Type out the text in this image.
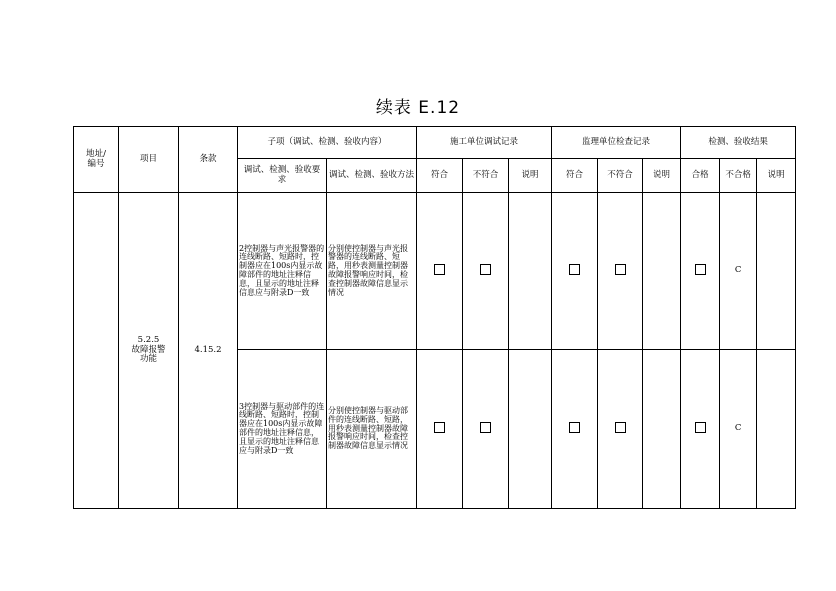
续表 E.12
地址/
编号	项目	条款	子项（调试、检测、验收内容）		施工单位调试记录			监理单位检查记录			检测、验收结果		
			调试、检测、验收要求	调试、检测、验收方法	符合	不符合	说明	符合	不符合	说明	合格	不合格	说明
	5.2.5
故障报警
功能	4.15.2	2控制器与声光报警器的连线断路、短路时，控制器应在100s内显示故障部件的地址注释信息，且显示的地址注释信息应与附录D一致	分别使控制器与声光报警器的连线断路、短路，用秒表测量控制器故障报警响应时间，检查控制器故障信息显示情况								C	
			3控制器与驱动部件的连线断路、短路时，控制器应在100s内显示故障部件的地址注释信息，且显示的地址注释信息应与附录D一致	分别使控制器与驱动部件的连线断路、短路，用秒表测量控制器故障报警响应时间，检查控制器故障信息显示情况								C	
